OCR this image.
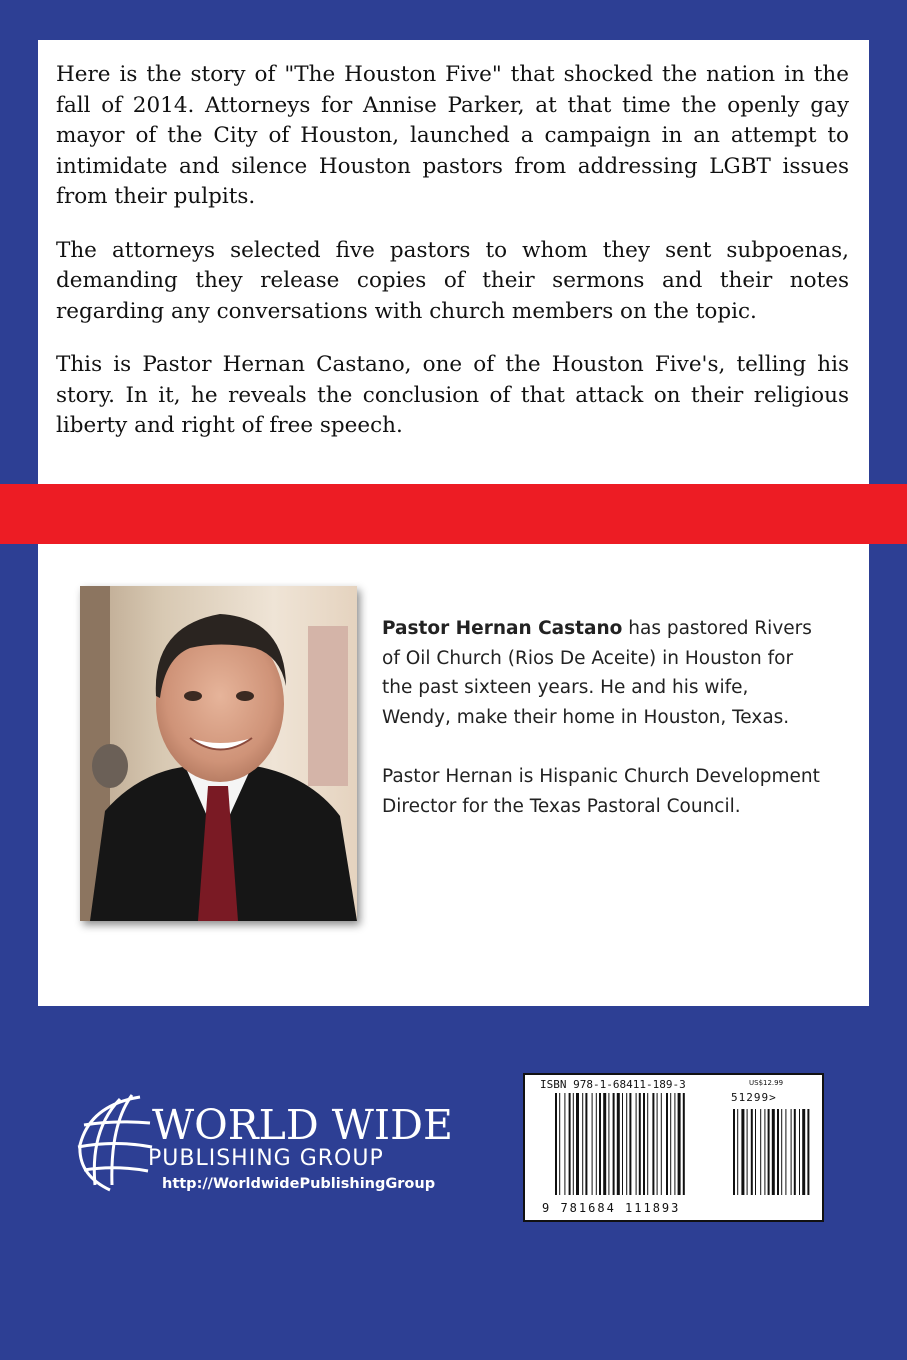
Here is the story of "The Houston Five" that shocked the nation in the fall of 2014. Attorneys for Annise Parker, at that time the openly gay mayor of the City of Houston, launched a campaign in an attempt to intimidate and silence Houston pastors from addressing LGBT issues from their pulpits.

The attorneys selected five pastors to whom they sent subpoenas, demanding they release copies of their sermons and their notes regarding any conversations with church members on the topic.

This is Pastor Hernan Castano, one of the Houston Five's, telling his story. In it, he reveals the conclusion of that attack on their religious liberty and right of free speech.

Pastor Hernan Castano has pastored Rivers of Oil Church (Rios De Aceite) in Houston for the past sixteen years. He and his wife, Wendy, make their home in Houston, Texas.

Pastor Hernan is Hispanic Church Development Director for the Texas Pastoral Council.

WORLD WIDE
PUBLISHING GROUP
http://WorldwidePublishingGroup
ISBN 978-1-68411-189-3	US$12.99
51299>
9 781684 111893
